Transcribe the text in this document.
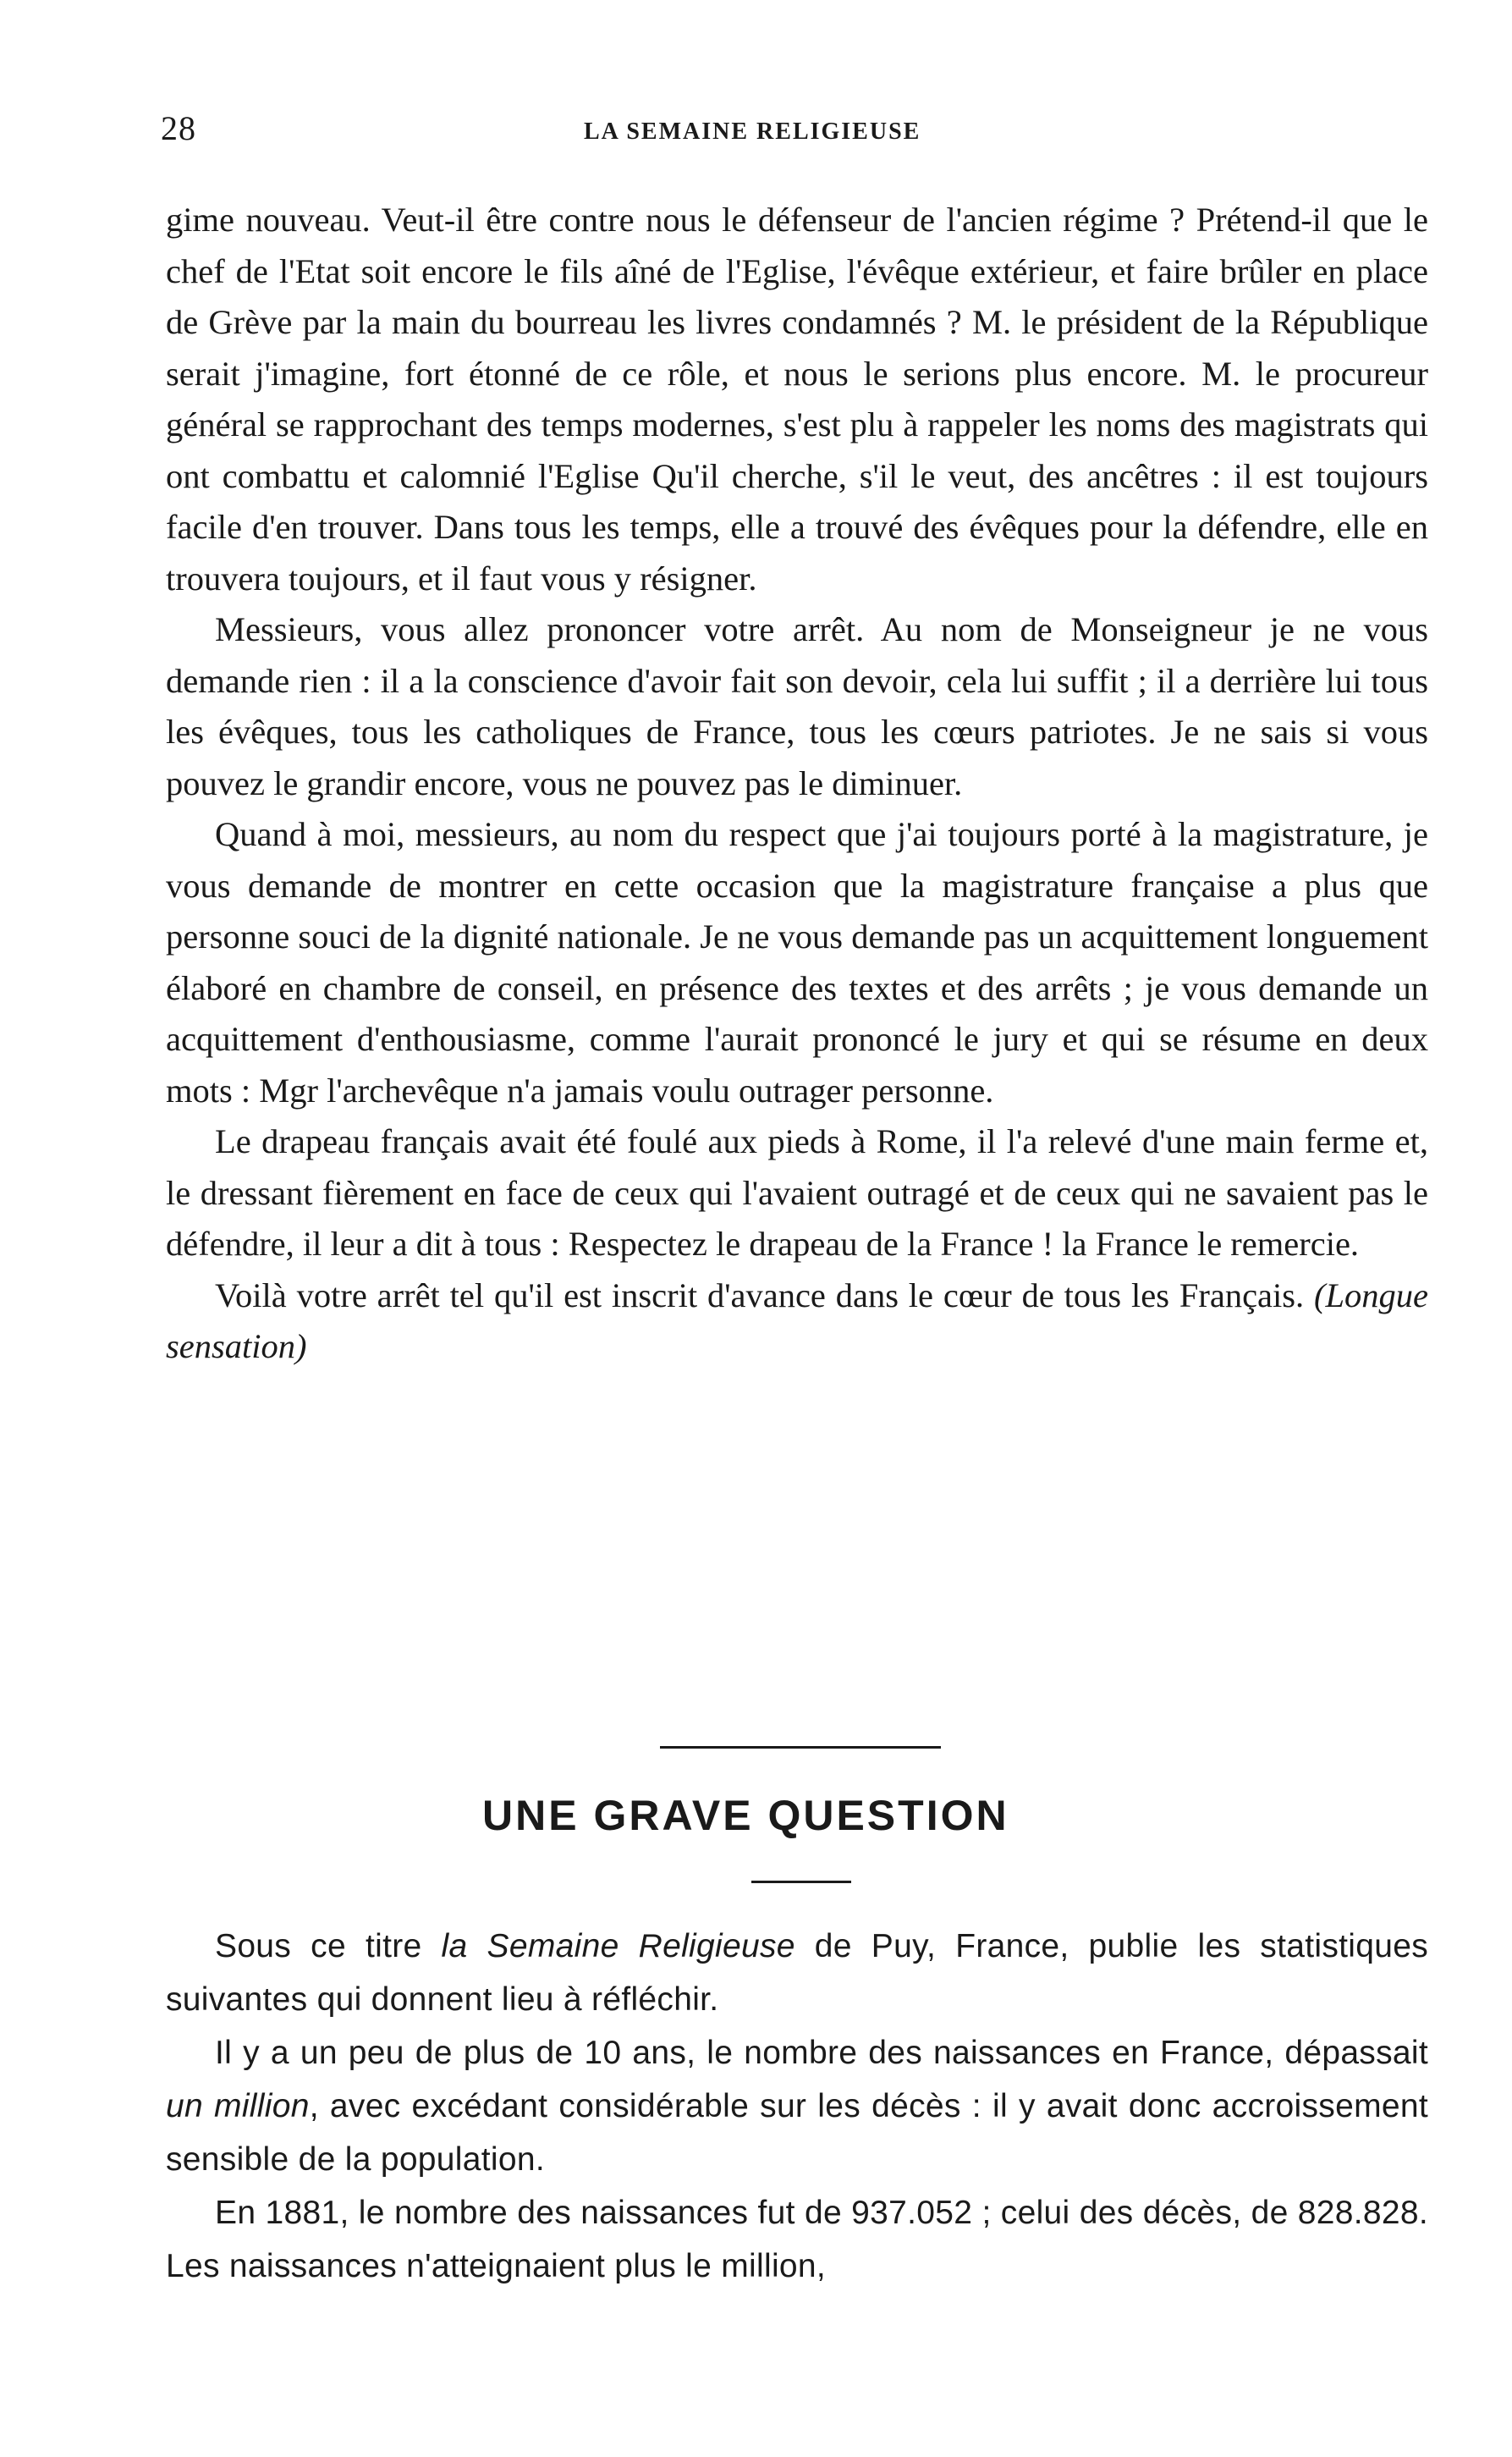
28	LA SEMAINE RELIGIEUSE

gime nouveau. Veut-il être contre nous le défenseur de l'ancien régime ? Prétend-il que le chef de l'Etat soit encore le fils aîné de l'Eglise, l'évêque extérieur, et faire brûler en place de Grève par la main du bourreau les livres condamnés ? M. le président de la République serait j'imagine, fort étonné de ce rôle, et nous le serions plus encore. M. le procureur général se rapprochant des temps modernes, s'est plu à rappeler les noms des magistrats qui ont combattu et calomnié l'Eglise Qu'il cherche, s'il le veut, des ancêtres : il est toujours facile d'en trouver. Dans tous les temps, elle a trouvé des évêques pour la défendre, elle en trouvera toujours, et il faut vous y résigner.

Messieurs, vous allez prononcer votre arrêt. Au nom de Monseigneur je ne vous demande rien : il a la conscience d'avoir fait son devoir, cela lui suffit ; il a derrière lui tous les évêques, tous les catholiques de France, tous les cœurs patriotes. Je ne sais si vous pouvez le grandir encore, vous ne pouvez pas le diminuer.

Quand à moi, messieurs, au nom du respect que j'ai toujours porté à la magistrature, je vous demande de montrer en cette occasion que la magistrature française a plus que personne souci de la dignité nationale. Je ne vous demande pas un acquittement longuement élaboré en chambre de conseil, en présence des textes et des arrêts ; je vous demande un acquittement d'enthousiasme, comme l'aurait prononcé le jury et qui se résume en deux mots : Mgr l'archevêque n'a jamais voulu outrager personne.

Le drapeau français avait été foulé aux pieds à Rome, il l'a relevé d'une main ferme et, le dressant fièrement en face de ceux qui l'avaient outragé et de ceux qui ne savaient pas le défendre, il leur a dit à tous : Respectez le drapeau de la France ! la France le remercie.

Voilà votre arrêt tel qu'il est inscrit d'avance dans le cœur de tous les Français. (Longue sensation)

UNE GRAVE QUESTION

Sous ce titre la Semaine Religieuse de Puy, France, publie les statistiques suivantes qui donnent lieu à réfléchir.

Il y a un peu de plus de 10 ans, le nombre des naissances en France, dépassait un million, avec excédant considérable sur les décès : il y avait donc accroissement sensible de la population.

En 1881, le nombre des naissances fut de 937.052 ; celui des décès, de 828.828. Les naissances n'atteignaient plus le million,
